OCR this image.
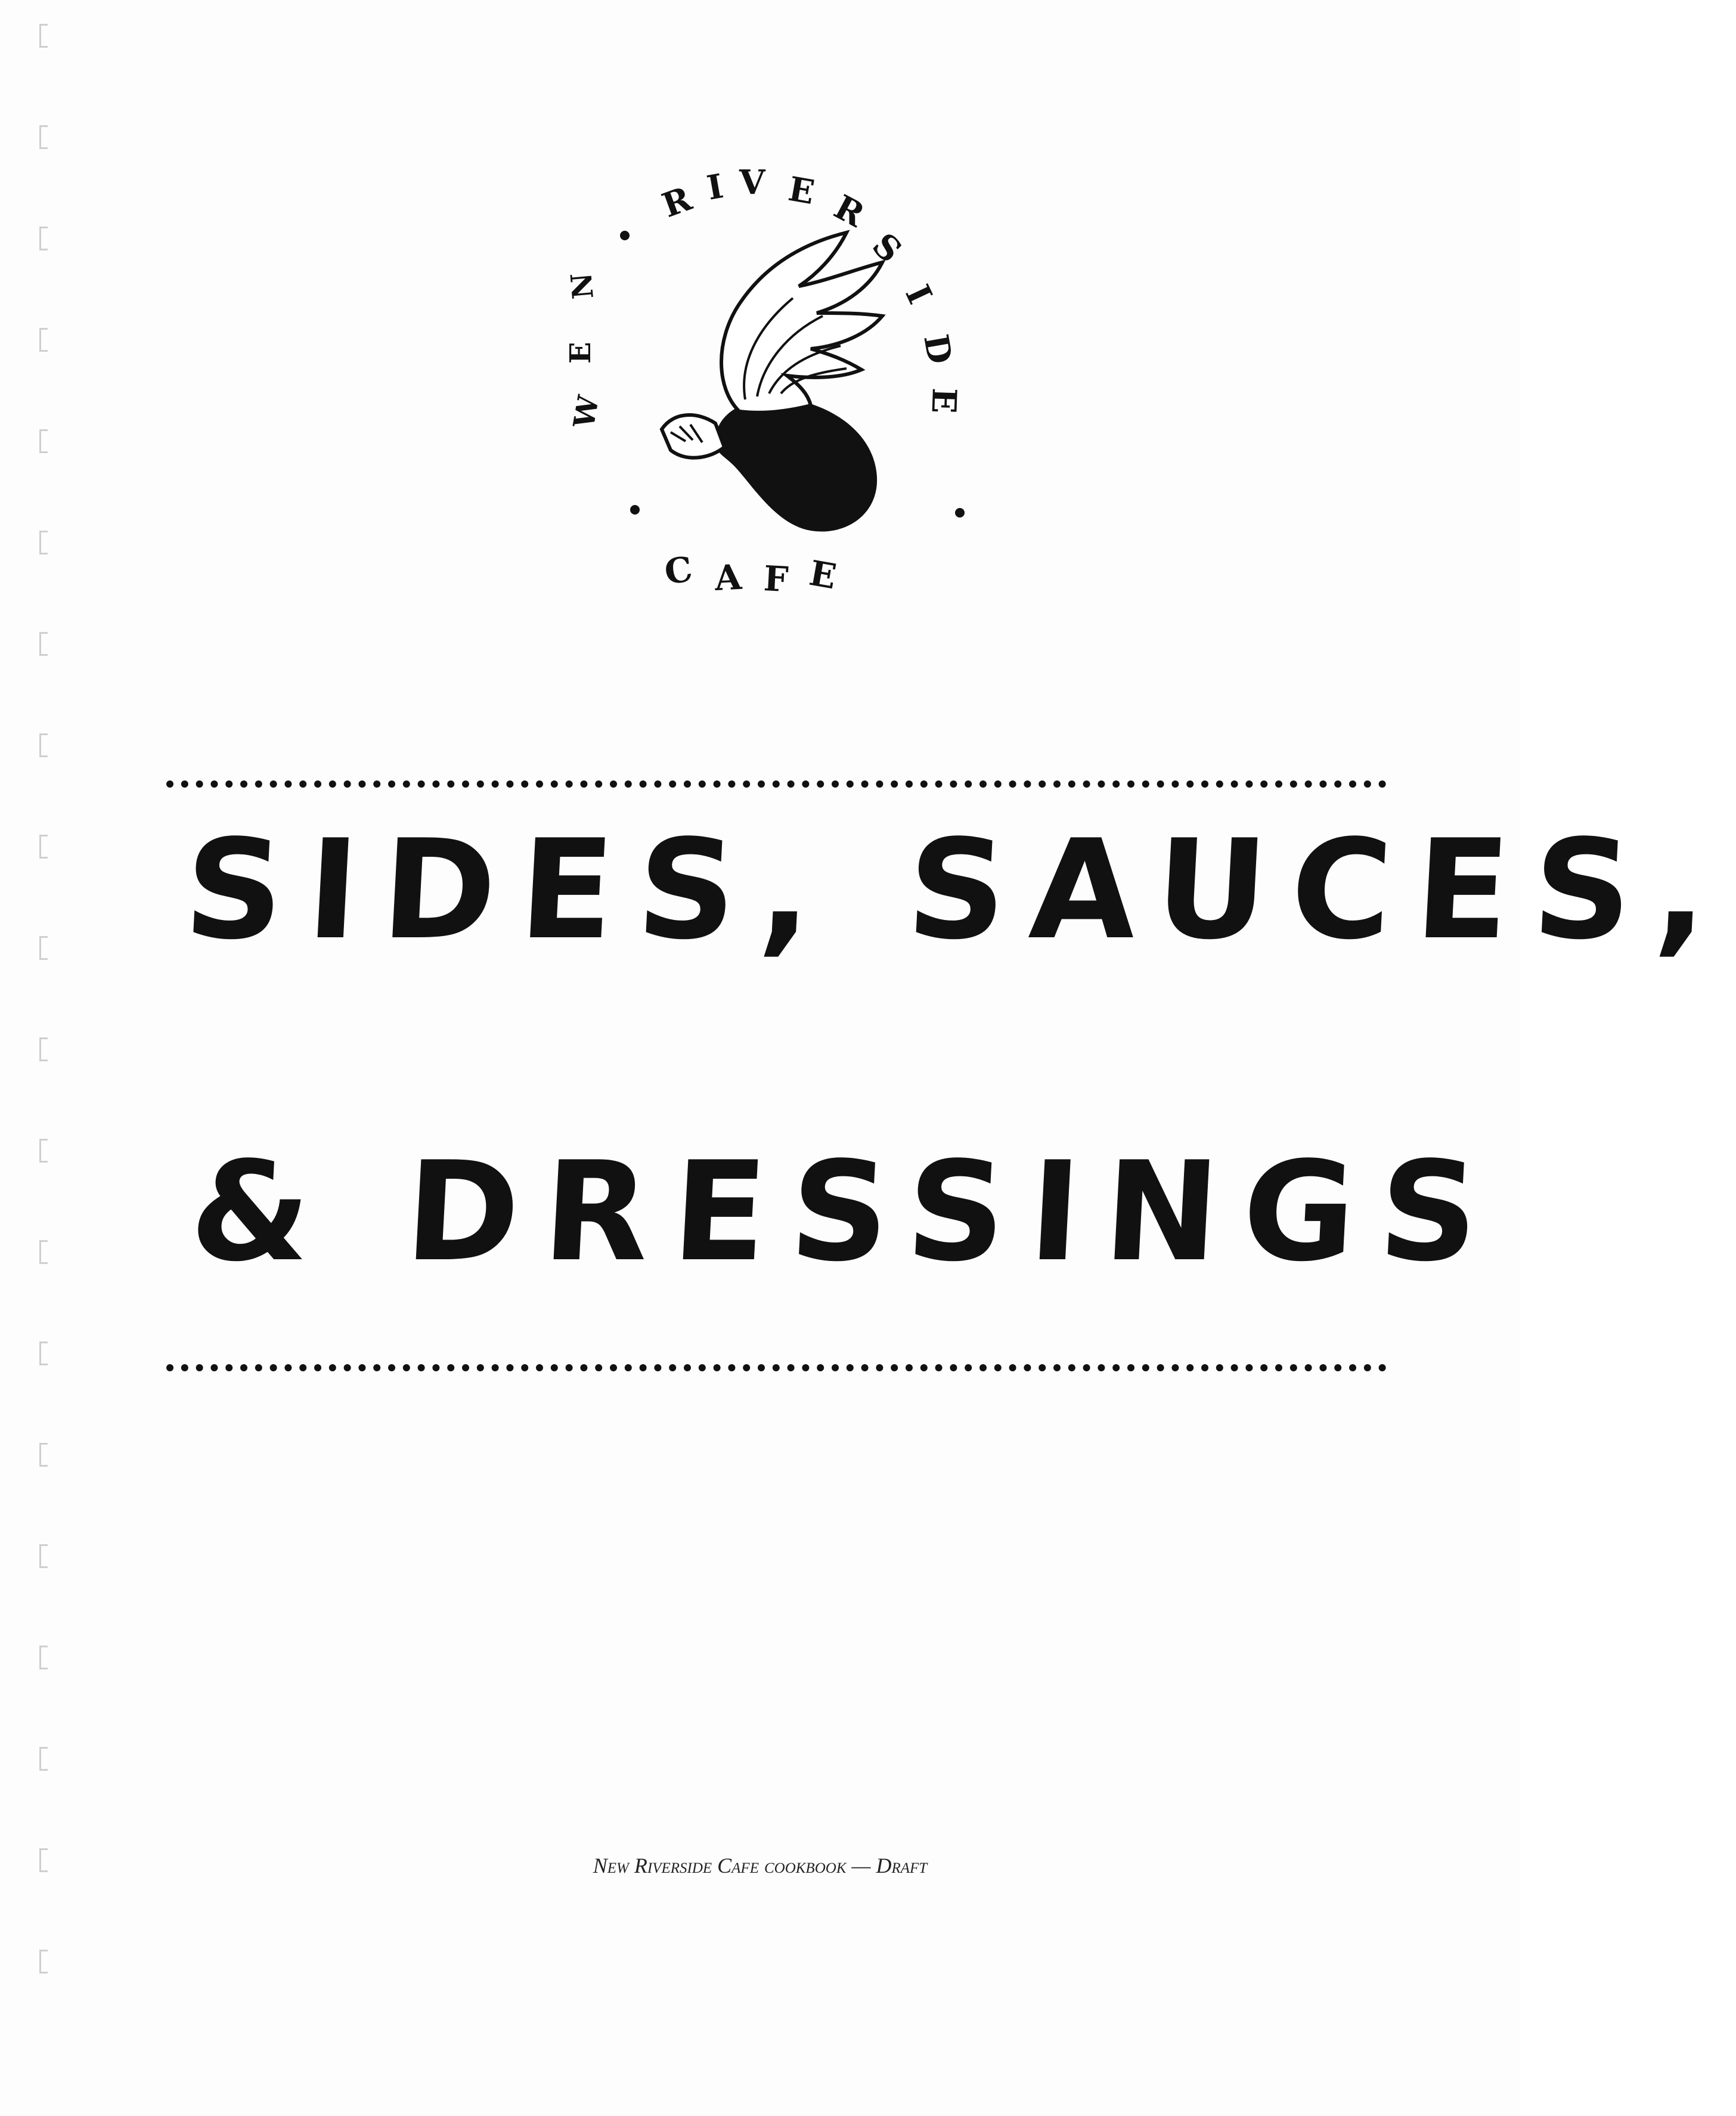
N
E
W
R I V E R
S
I
D
E
C A F E
SIDES, SAUCES,
& DRESSINGS
New Riverside Cafe cookbook — Draft
